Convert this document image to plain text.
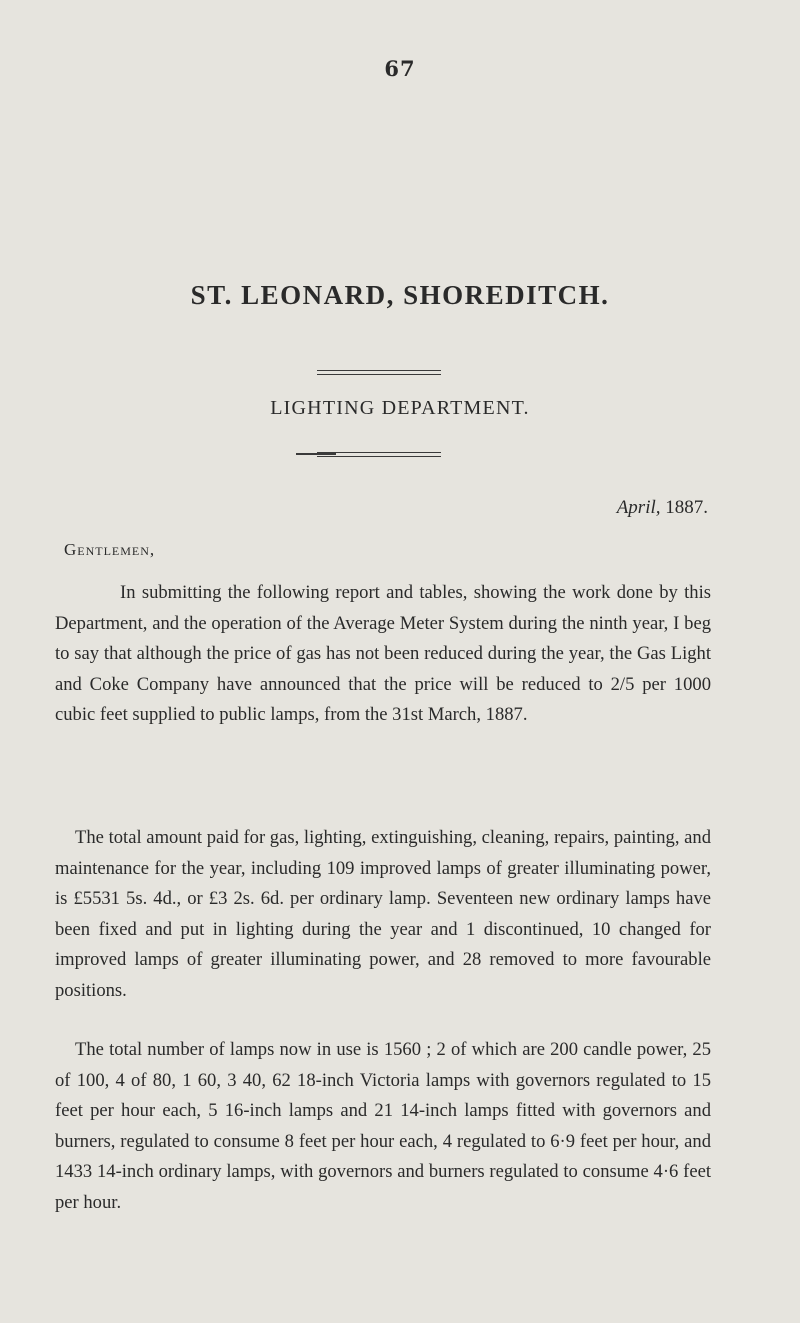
67
ST. LEONARD, SHOREDITCH.
LIGHTING DEPARTMENT.
April, 1887.
Gentlemen,

In submitting the following report and tables, showing the work done by this Department, and the operation of the Average Meter System during the ninth year, I beg to say that although the price of gas has not been reduced during the year, the Gas Light and Coke Company have announced that the price will be reduced to 2/5 per 1000 cubic feet supplied to public lamps, from the 31st March, 1887.

The total amount paid for gas, lighting, extinguishing, cleaning, repairs, painting, and maintenance for the year, including 109 improved lamps of greater illuminating power, is £5531 5s. 4d., or £3 2s. 6d. per ordinary lamp. Seventeen new ordinary lamps have been fixed and put in lighting during the year and 1 discontinued, 10 changed for improved lamps of greater illuminating power, and 28 removed to more favourable positions.

The total number of lamps now in use is 1560 ; 2 of which are 200 candle power, 25 of 100, 4 of 80, 1 60, 3 40, 62 18-inch Victoria lamps with governors regulated to 15 feet per hour each, 5 16-inch lamps and 21 14-inch lamps fitted with governors and burners, regulated to consume 8 feet per hour each, 4 regulated to 6·9 feet per hour, and 1433 14-inch ordinary lamps, with governors and burners regulated to consume 4·6 feet per hour.
